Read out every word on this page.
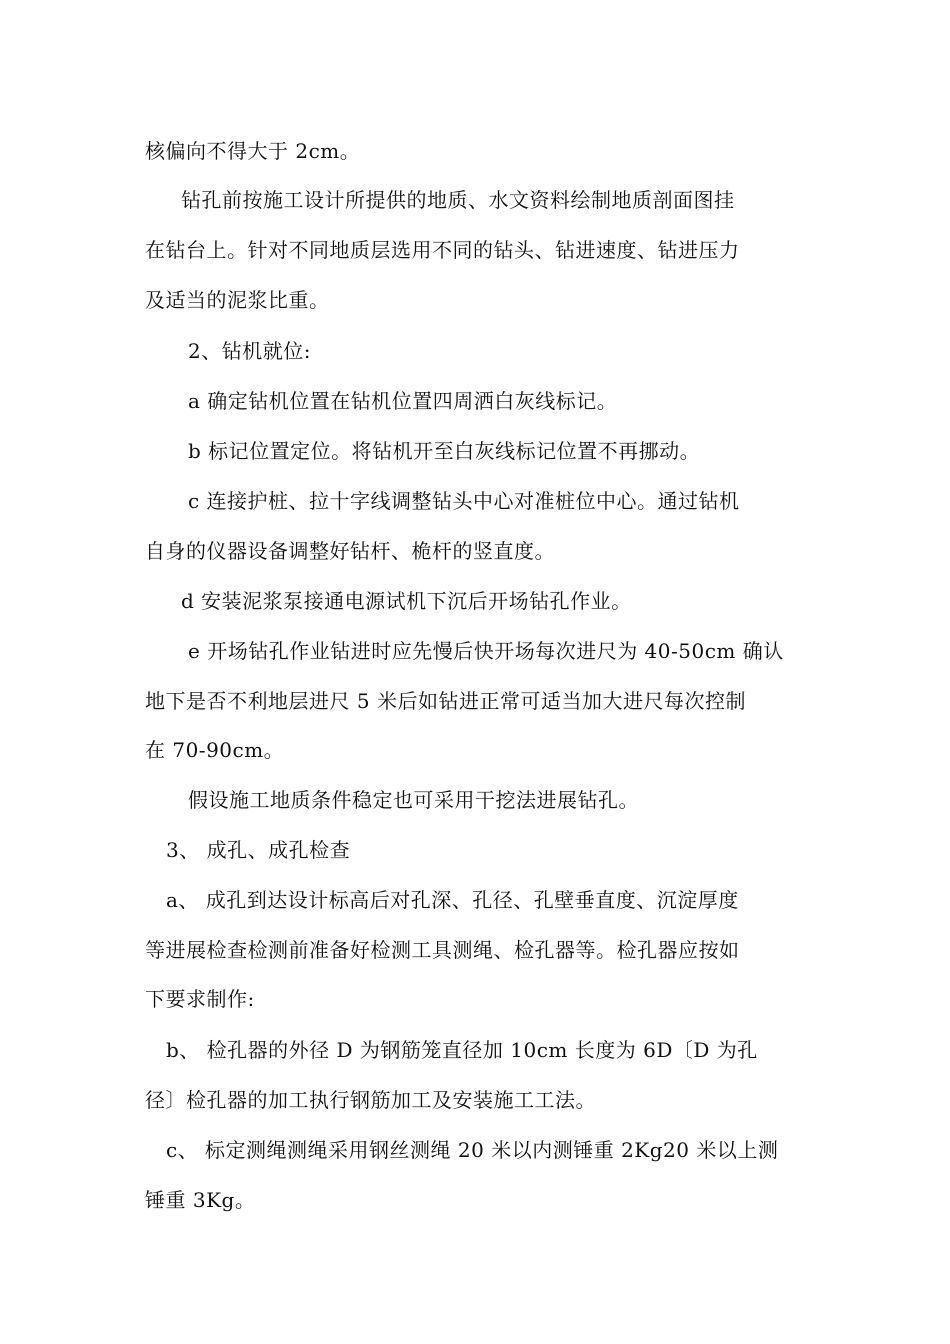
核偏向不得大于 2cm。
钻孔前按施工设计所提供的地质、水文资料绘制地质剖面图挂
在钻台上。针对不同地质层选用不同的钻头、钻进速度、钻进压力
及适当的泥浆比重。
2、钻机就位:
a 确定钻机位置在钻机位置四周洒白灰线标记。
b 标记位置定位。将钻机开至白灰线标记位置不再挪动。
c 连接护桩、拉十字线调整钻头中心对准桩位中心。通过钻机
自身的仪器设备调整好钻杆、桅杆的竖直度。
d 安装泥浆泵接通电源试机下沉后开场钻孔作业。
e 开场钻孔作业钻进时应先慢后快开场每次进尺为 40-50cm 确认
地下是否不利地层进尺 5 米后如钻进正常可适当加大进尺每次控制
在 70-90cm。
假设施工地质条件稳定也可采用干挖法进展钻孔。
3、 成孔、成孔检查
a、 成孔到达设计标高后对孔深、孔径、孔壁垂直度、沉淀厚度
等进展检查检测前准备好检测工具测绳、检孔器等。检孔器应按如
下要求制作:
b、 检孔器的外径 D 为钢筋笼直径加 10cm 长度为 6D〔D 为孔
径〕检孔器的加工执行钢筋加工及安装施工工法。
c、 标定测绳测绳采用钢丝测绳 20 米以内测锤重 2Kg20 米以上测
锤重 3Kg。
